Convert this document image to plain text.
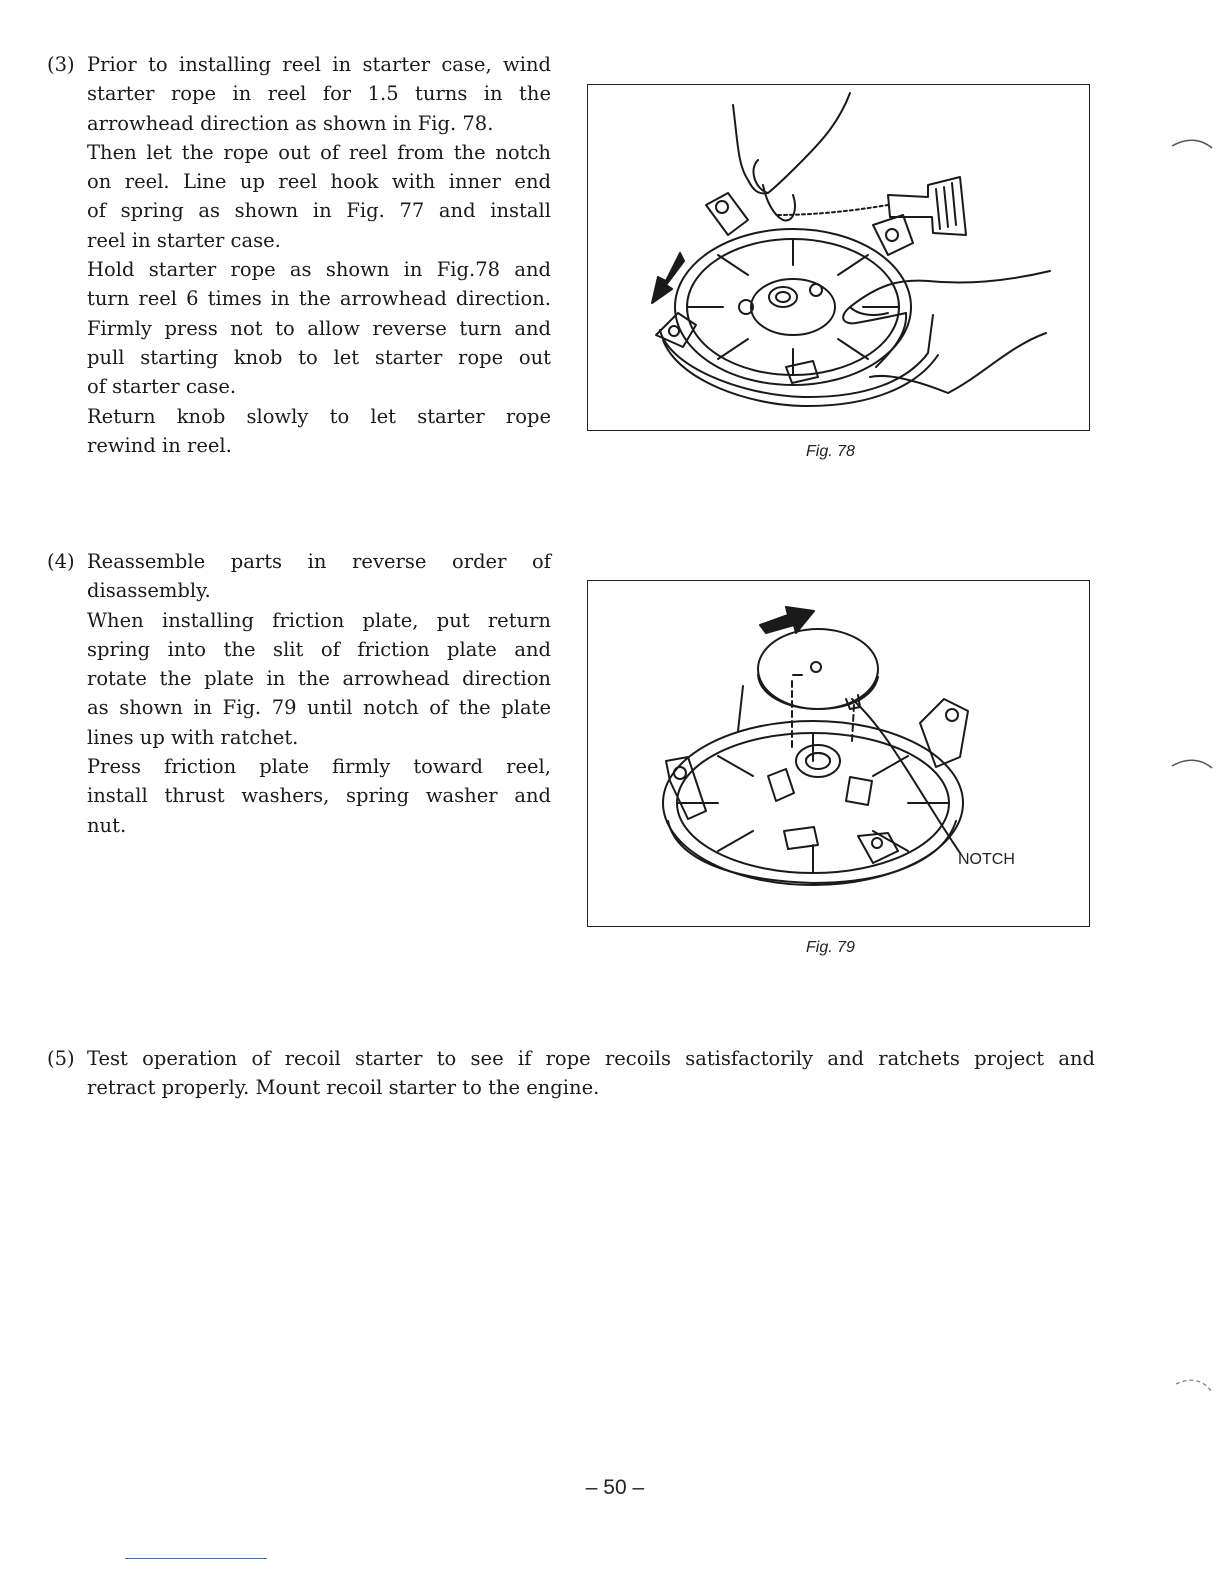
(3) Prior to installing reel in starter case, wind
starter rope in reel for 1.5 turns in the
arrowhead direction as shown in Fig. 78.
Then let the rope out of reel from the notch
on reel. Line up reel hook with inner end
of spring as shown in Fig. 77 and install
reel in starter case.
Hold starter rope as shown in Fig.78 and
turn reel 6 times in the arrowhead direction.
Firmly press not to allow reverse turn and
pull starting knob to let starter rope out
of starter case.
Return knob slowly to let starter rope
rewind in reel.	Fig. 78
(4) Reassemble parts in reverse order of
disassembly.
When installing friction plate, put return
spring into the slit of friction plate and
rotate the plate in the arrowhead direction
as shown in Fig. 79 until notch of the plate
lines up with ratchet.
Press friction plate firmly toward reel,
install thrust washers, spring washer and
nut.
NOTCH
Fig. 79
(5) Test operation of recoil starter to see if rope recoils satisfactorily and ratchets project and
retract properly. Mount recoil starter to the engine.
– 50 –
